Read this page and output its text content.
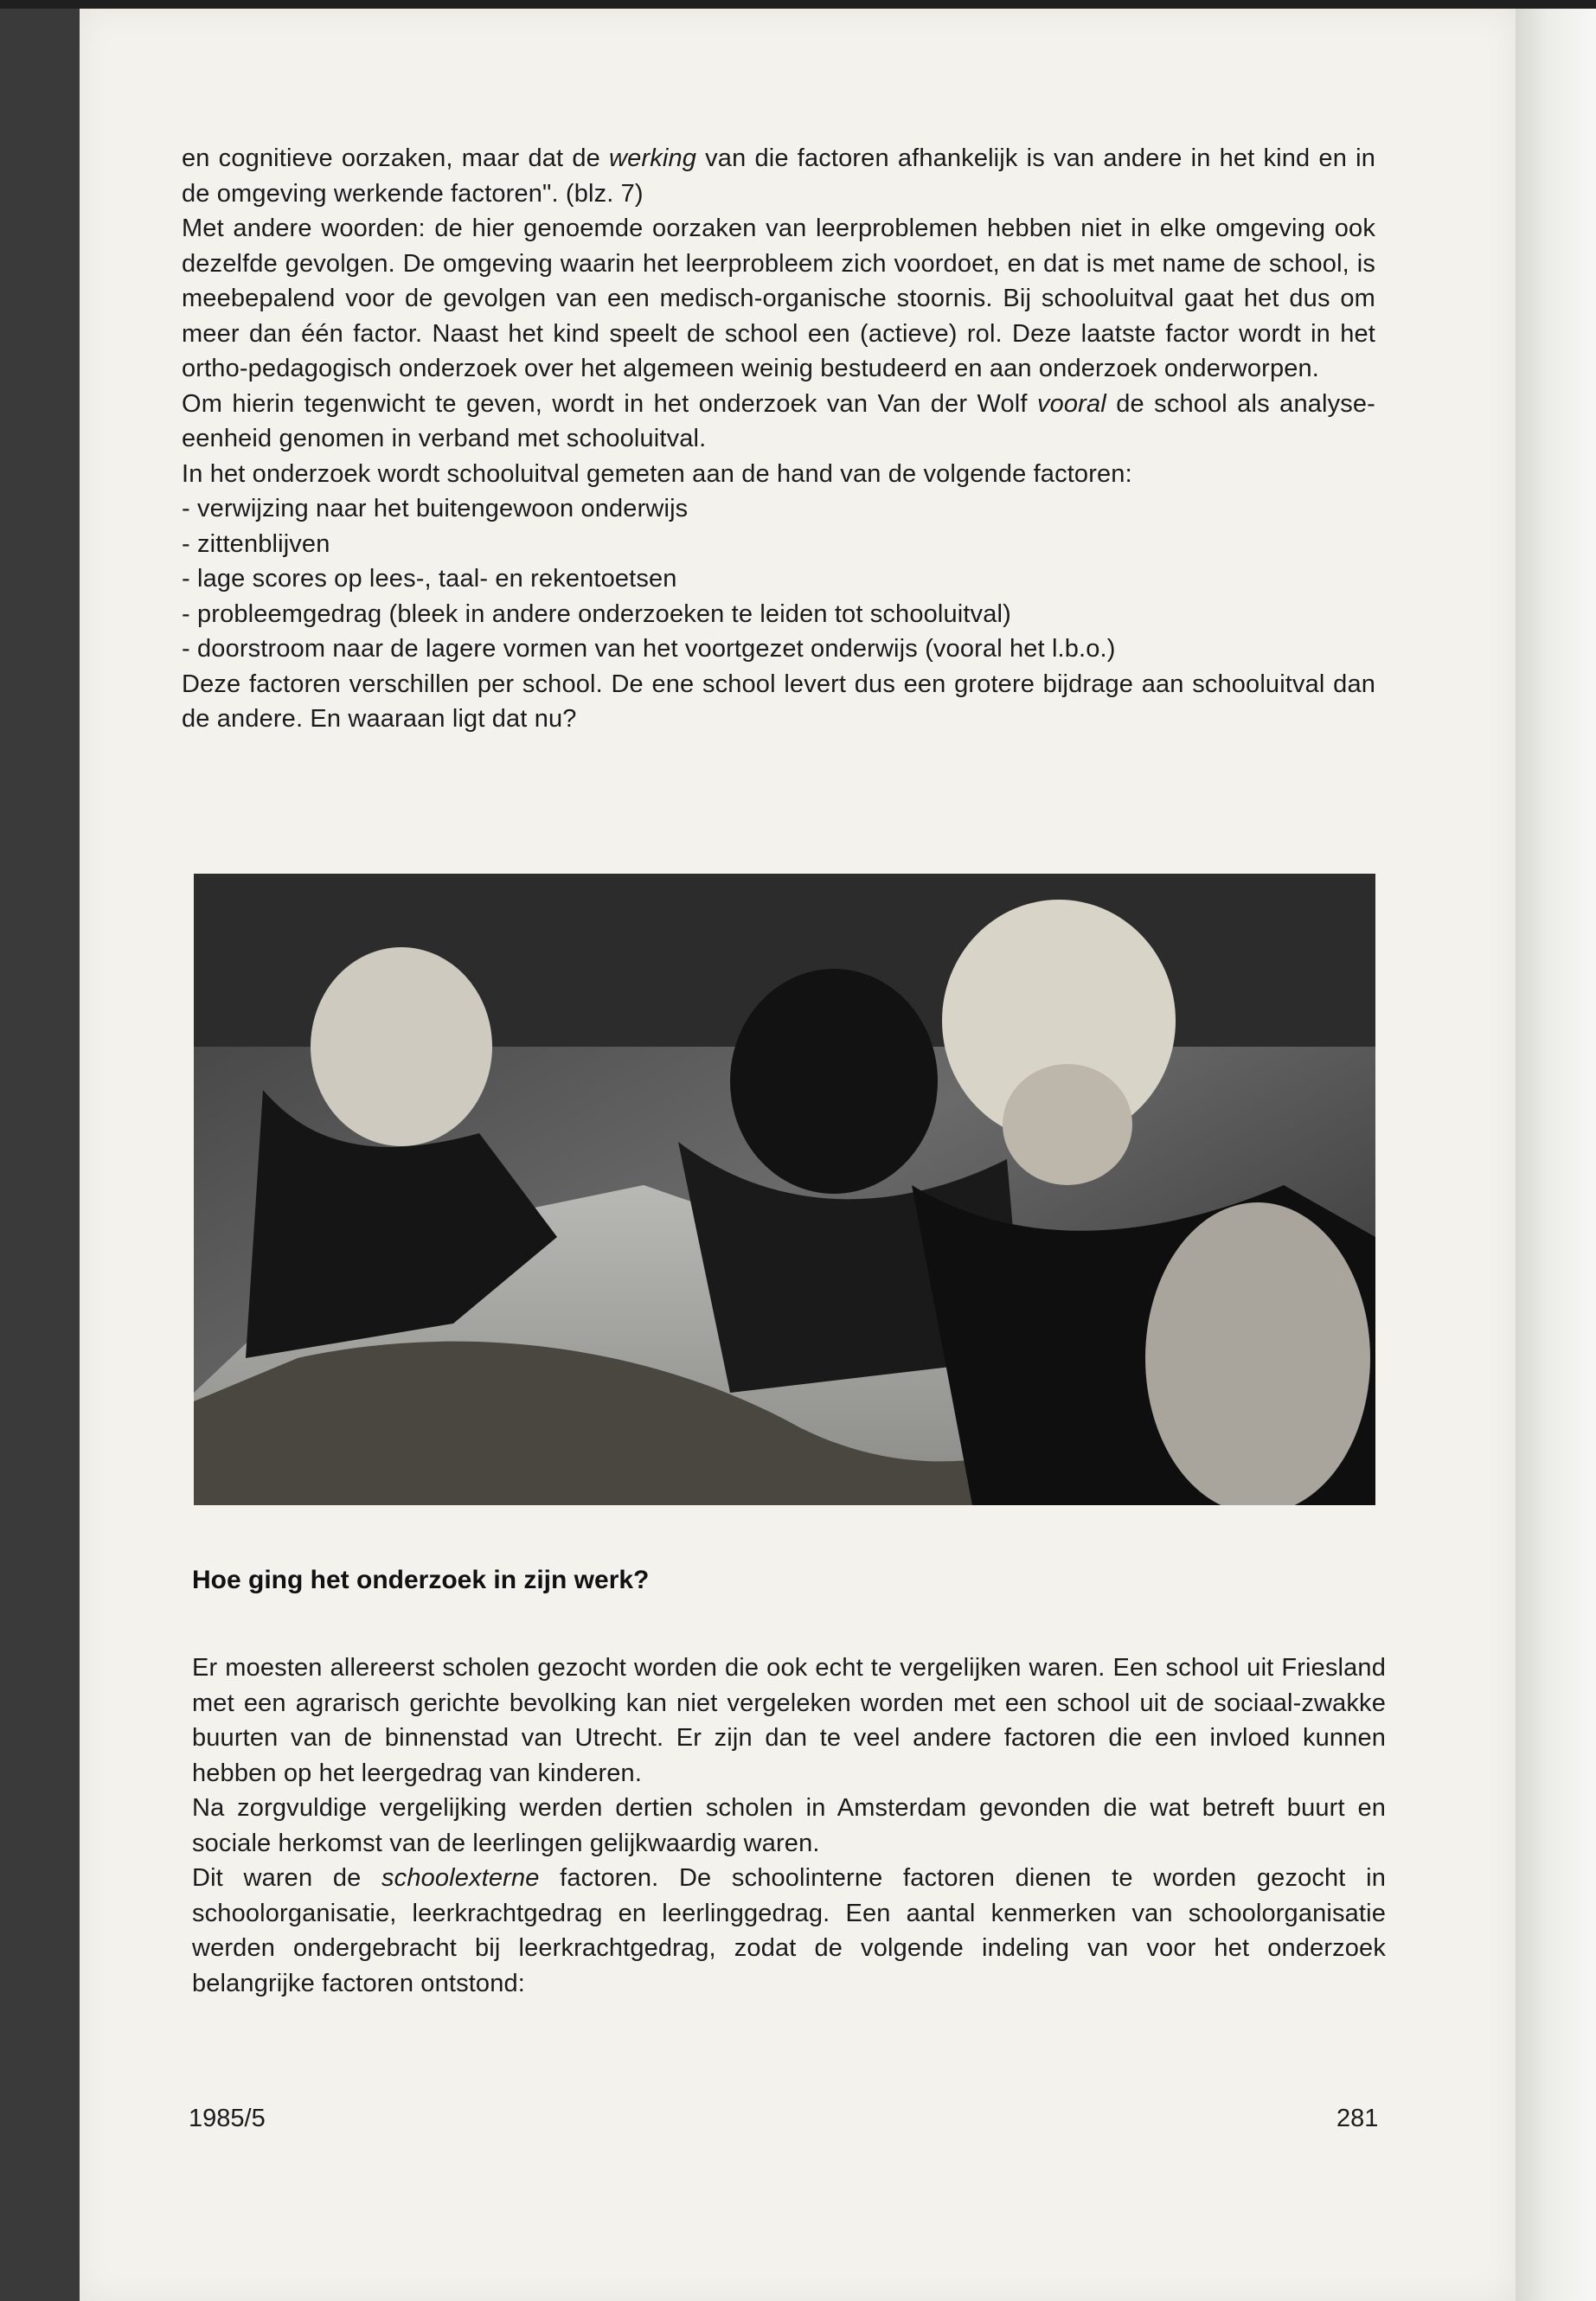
en cognitieve oorzaken, maar dat de werking van die factoren afhankelijk is van andere in het kind en in de omgeving werkende factoren". (blz. 7)

Met andere woorden: de hier genoemde oorzaken van leerproblemen hebben niet in elke omgeving ook dezelfde gevolgen. De omgeving waarin het leerprobleem zich voordoet, en dat is met name de school, is meebepalend voor de gevolgen van een medisch-organische stoornis. Bij schooluitval gaat het dus om meer dan één factor. Naast het kind speelt de school een (actieve) rol. Deze laatste factor wordt in het ortho-pedagogisch onderzoek over het algemeen weinig bestudeerd en aan onderzoek onderworpen.

Om hierin tegenwicht te geven, wordt in het onderzoek van Van der Wolf vooral de school als analyse-eenheid genomen in verband met schooluitval.

In het onderzoek wordt schooluitval gemeten aan de hand van de volgende factoren:

- verwijzing naar het buitengewoon onderwijs
- zittenblijven
- lage scores op lees-, taal- en rekentoetsen
- probleemgedrag (bleek in andere onderzoeken te leiden tot schooluitval)
- doorstroom naar de lagere vormen van het voortgezet onderwijs (vooral het l.b.o.)

Deze factoren verschillen per school. De ene school levert dus een grotere bijdrage aan schooluitval dan de andere. En waaraan ligt dat nu?

Hoe ging het onderzoek in zijn werk?

Er moesten allereerst scholen gezocht worden die ook echt te vergelijken waren. Een school uit Friesland met een agrarisch gerichte bevolking kan niet vergeleken worden met een school uit de sociaal-zwakke buurten van de binnenstad van Utrecht. Er zijn dan te veel andere factoren die een invloed kunnen hebben op het leergedrag van kinderen.

Na zorgvuldige vergelijking werden dertien scholen in Amsterdam gevonden die wat betreft buurt en sociale herkomst van de leerlingen gelijkwaardig waren.

Dit waren de schoolexterne factoren. De schoolinterne factoren dienen te worden gezocht in schoolorganisatie, leerkrachtgedrag en leerlinggedrag. Een aantal kenmerken van schoolorganisatie werden ondergebracht bij leerkrachtgedrag, zodat de volgende indeling van voor het onderzoek belangrijke factoren ontstond:

1985/5	281
